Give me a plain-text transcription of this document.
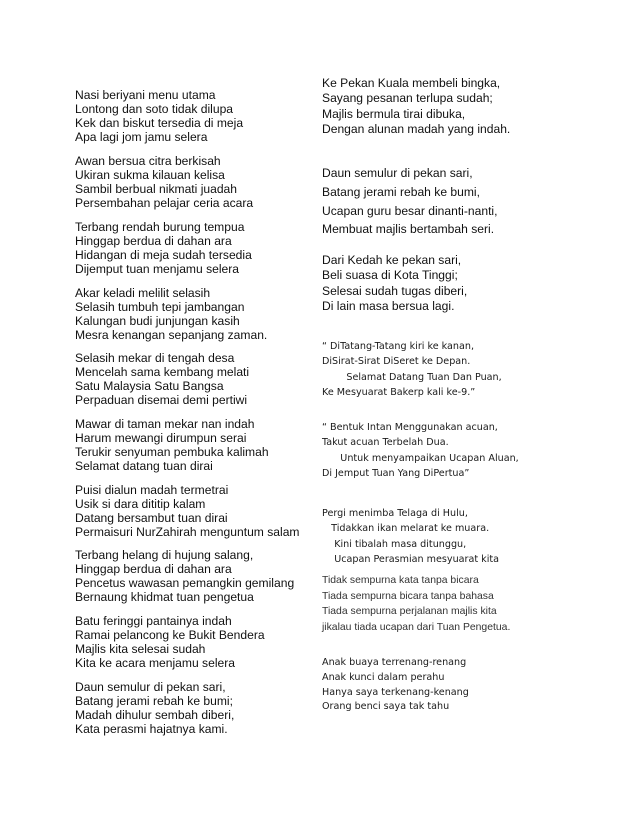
Nasi beriyani menu utama
Lontong dan soto tidak dilupa
Kek dan biskut tersedia di meja
Apa lagi jom jamu selera
Awan bersua citra berkisah
Ukiran sukma kilauan kelisa
Sambil berbual nikmati juadah
Persembahan pelajar ceria acara
Terbang rendah burung tempua
Hinggap berdua di dahan ara
Hidangan di meja sudah tersedia
Dijemput tuan menjamu selera
Akar keladi melilit selasih
Selasih tumbuh tepi jambangan
Kalungan budi junjungan kasih
Mesra kenangan sepanjang zaman.
Selasih mekar di tengah desa
Mencelah sama kembang melati
Satu Malaysia Satu Bangsa
Perpaduan disemai demi pertiwi
Mawar di taman mekar nan indah
Harum mewangi dirumpun serai
Terukir senyuman pembuka kalimah
Selamat datang tuan dirai
Puisi dialun madah termetrai
Usik si dara dititip kalam
Datang bersambut tuan dirai
Permaisuri NurZahirah menguntum salam
Terbang helang di hujung salang,
Hinggap berdua di dahan ara
Pencetus wawasan pemangkin gemilang
Bernaung khidmat tuan pengetua
Batu feringgi pantainya indah
Ramai pelancong ke Bukit Bendera
Majlis kita selesai sudah
Kita ke acara menjamu selera
Daun semulur di pekan sari,
Batang jerami rebah ke bumi;
Madah dihulur sembah diberi,
Kata perasmi hajatnya kami.
Ke Pekan Kuala membeli bingka,
Sayang pesanan terlupa sudah;
Majlis bermula tirai dibuka,
Dengan alunan madah yang indah.
Daun semulur di pekan sari,
Batang jerami rebah ke bumi,
Ucapan guru besar dinanti-nanti,
Membuat majlis bertambah seri.
Dari Kedah ke pekan sari,
Beli suasa di Kota Tinggi;
Selesai sudah tugas diberi,
Di lain masa bersua lagi.
“ DiTatang-Tatang kiri ke kanan,
DiSirat-Sirat DiSeret ke Depan.
Selamat Datang Tuan Dan Puan,
Ke Mesyuarat Bakerp kali ke-9.”
“ Bentuk Intan Menggunakan acuan,
Takut acuan Terbelah Dua.
Untuk menyampaikan Ucapan Aluan,
Di Jemput Tuan Yang DiPertua”
Pergi menimba Telaga di Hulu,
Tidakkan ikan melarat ke muara.
Kini tibalah masa ditunggu,
Ucapan Perasmian mesyuarat kita
Tidak sempurna kata tanpa bicara
Tiada sempurna bicara tanpa bahasa
Tiada sempurna perjalanan majlis kita
jikalau tiada ucapan dari Tuan Pengetua.
Anak buaya terrenang-renang
Anak kunci dalam perahu
Hanya saya terkenang-kenang
Orang benci saya tak tahu
